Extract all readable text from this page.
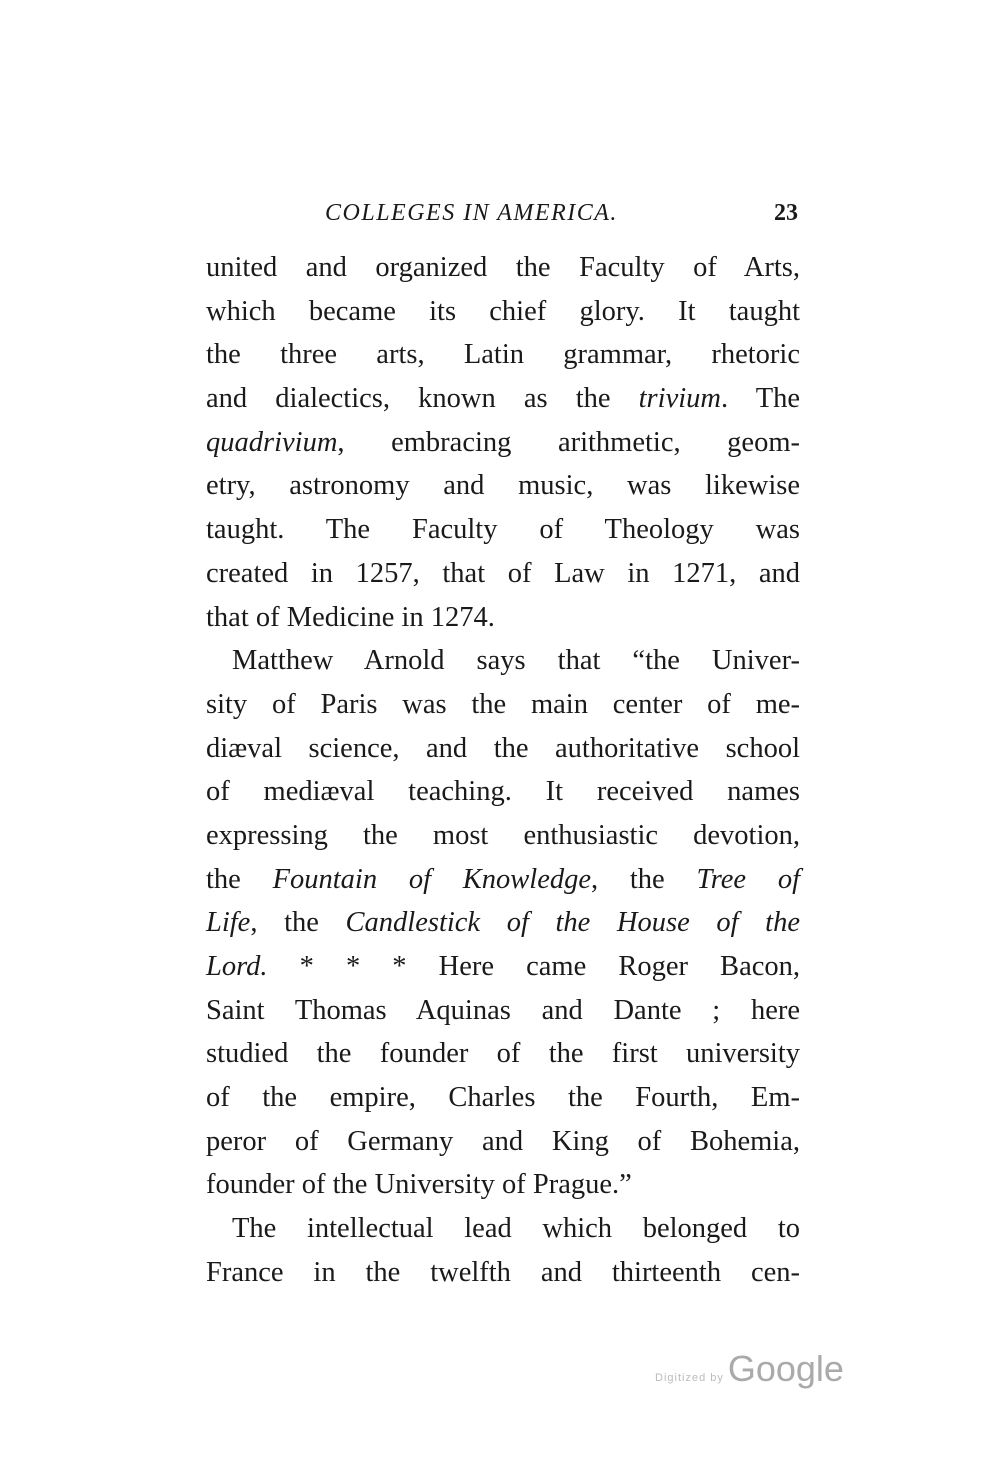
COLLEGES IN AMERICA.	23
united and organized the Faculty of Arts,
which became its chief glory. It taught
the three arts, Latin grammar, rhetoric
and dialectics, known as the trivium. The
quadrivium, embracing arithmetic, geom-
etry, astronomy and music, was likewise
taught. The Faculty of Theology was
created in 1257, that of Law in 1271, and
that of Medicine in 1274.
Matthew Arnold says that “the Univer-
sity of Paris was the main center of me-
diæval science, and the authoritative school
of mediæval teaching. It received names
expressing the most enthusiastic devotion,
the Fountain of Knowledge, the Tree of
Life, the Candlestick of the House of the
Lord. * * * Here came Roger Bacon,
Saint Thomas Aquinas and Dante ; here
studied the founder of the first university
of the empire, Charles the Fourth, Em-
peror of Germany and King of Bohemia,
founder of the University of Prague.”
The intellectual lead which belonged to
France in the twelfth and thirteenth cen-
Digitized by Google
